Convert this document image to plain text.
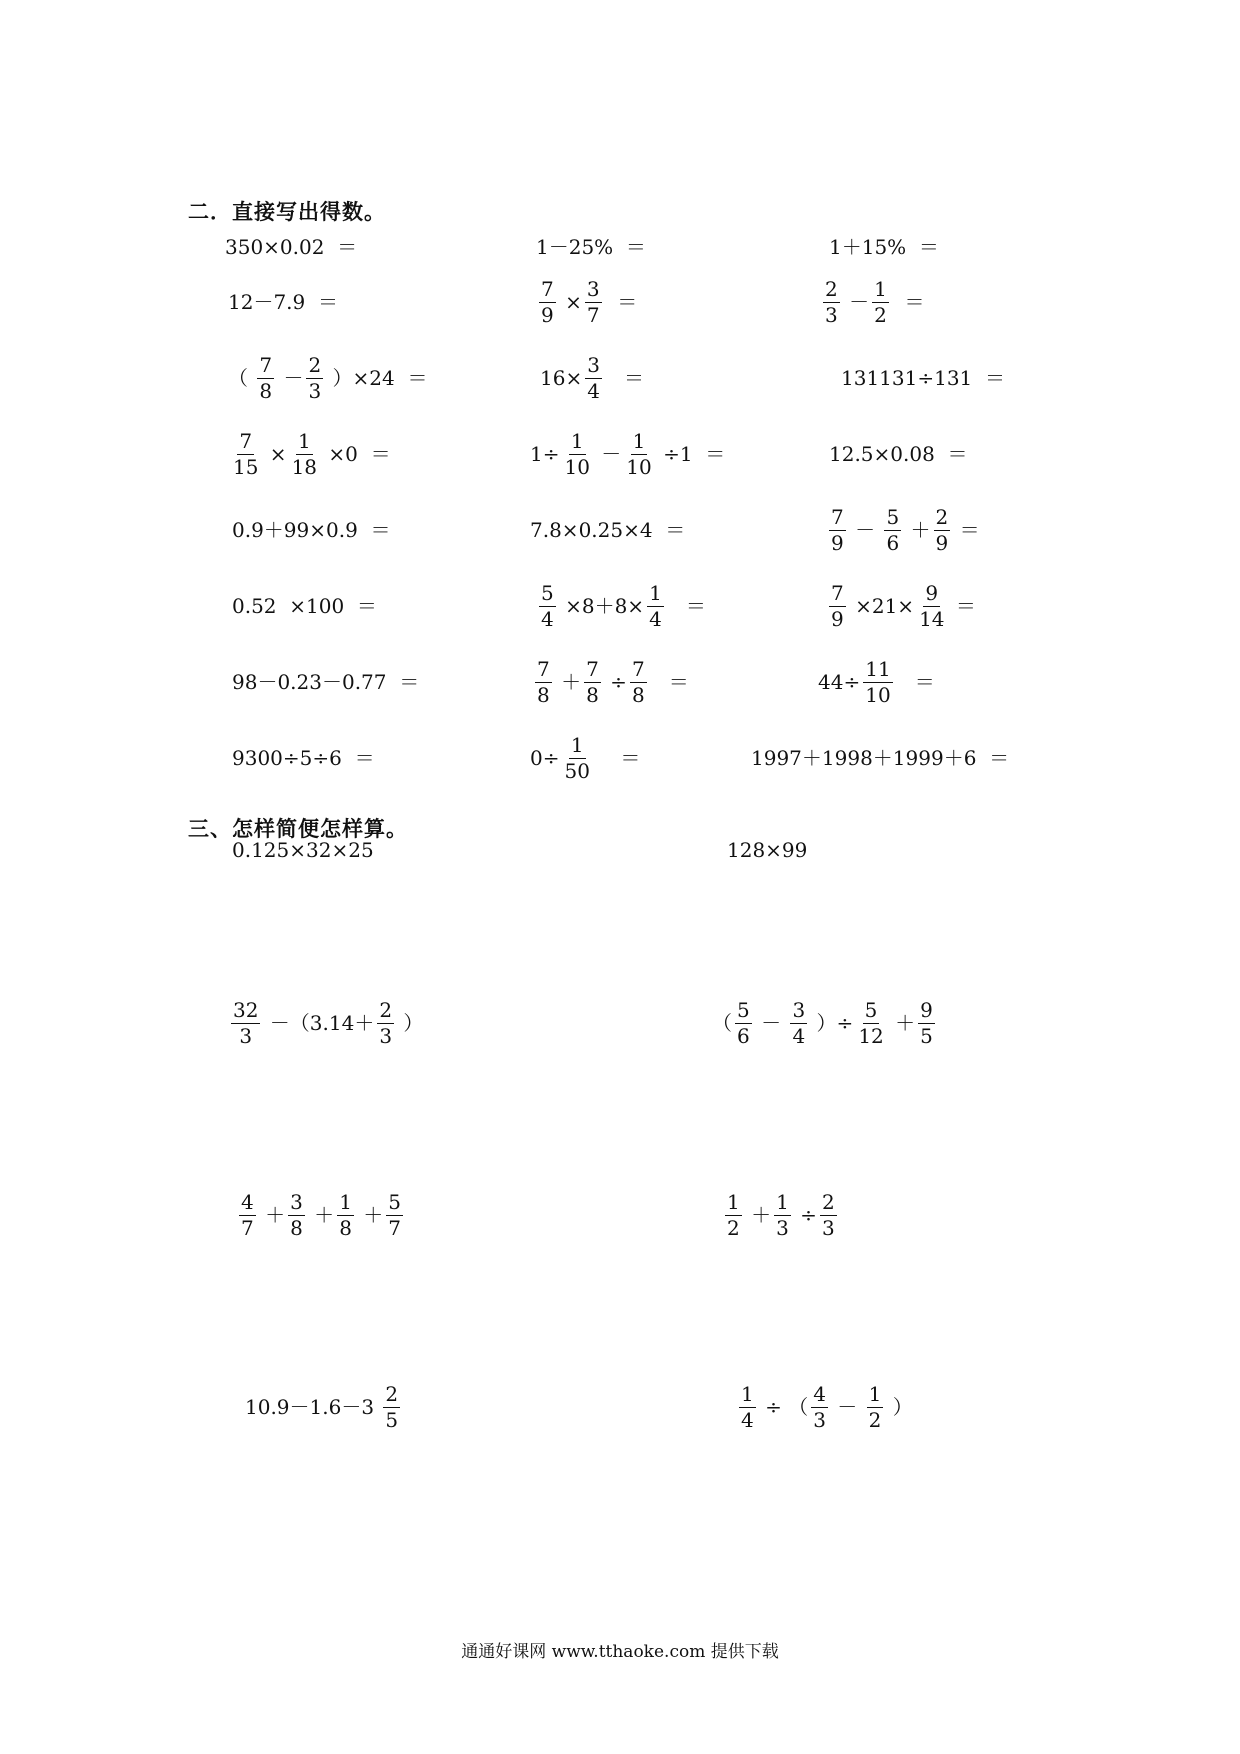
二．直接写出得数。
三、怎样简便怎样算。
350×0.02  ＝	1－25%  ＝	1＋15%  ＝
12－7.9  ＝	$\frac{7}{9} \times \frac{3}{7}$ ＝	$\frac{2}{3} - \frac{1}{2}$ ＝
（ $\frac{7}{8} - \frac{2}{3} )\times 24$  ＝	$16\times \frac{3}{4}$ ＝	131131÷131  ＝
$\frac{7}{15} \times \frac{1}{18} \times 0$  ＝	$1\div \frac{1}{10} - \frac{1}{10} \div 1$  ＝	12.5×0.08  ＝
0.9＋99×0.9  ＝	7.8×0.25×4  ＝	$\frac{7}{9} - \frac{5}{6} + \frac{2}{9}$ ＝
0.52  ×100  ＝	$\frac{5}{4} \times 8+8\times \frac{1}{4}$ ＝	$\frac{7}{9} \times 21\times \frac{9}{14}$ ＝
98－0.23－0.77  ＝	$\frac{7}{8} + \frac{7}{8} \div \frac{7}{8}$ ＝	$44\div \frac{11}{10}$ ＝
9300÷5÷6  ＝	$0\div \frac{1}{50}$ ＝	1997＋1998＋1999＋6  ＝
0.125×32×25	128×99
$\frac{32}{3} -(3.14+ \frac{2}{3}$ ）	（ $\frac{5}{6} - \frac{3}{4}$ ）÷ $\frac{5}{12} + \frac{9}{5}$
$\frac{4}{7} + \frac{3}{8} + \frac{1}{8} + \frac{5}{7}$	$\frac{1}{2} + \frac{1}{3} \div \frac{2}{3}$
$10.9-1.6-3 \frac{2}{5}$	$\frac{1}{4}$ ÷ （ $\frac{4}{3} - \frac{1}{2}$ ）
通通好课网 www.tthaoke.com 提供下载
